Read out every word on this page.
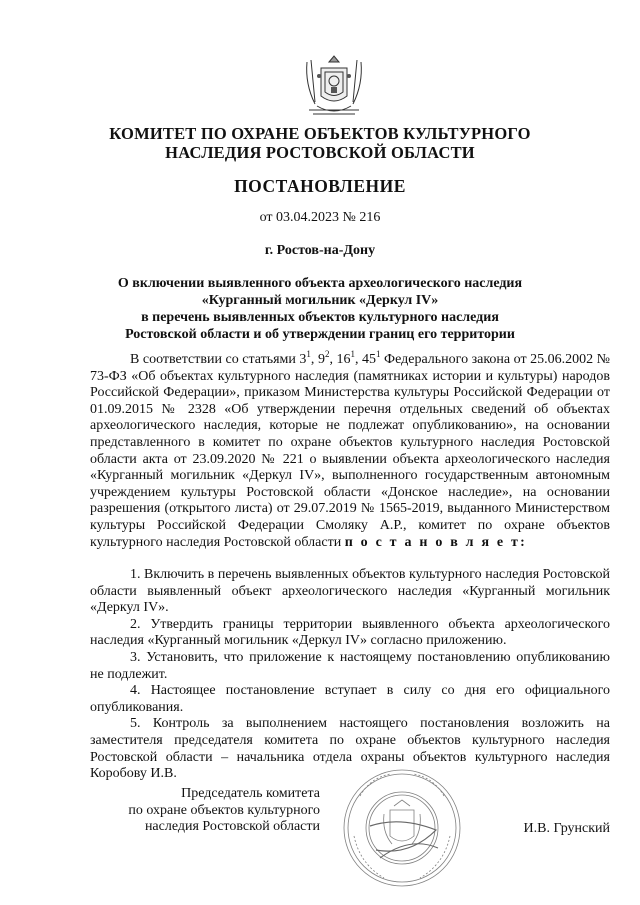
КОМИТЕТ ПО ОХРАНЕ ОБЪЕКТОВ КУЛЬТУРНОГО
НАСЛЕДИЯ РОСТОВСКОЙ ОБЛАСТИ
ПОСТАНОВЛЕНИЕ
от 03.04.2023 № 216
г. Ростов-на-Дону
О включении выявленного объекта археологического наследия
«Курганный могильник «Деркул IV»
в перечень выявленных объектов культурного наследия
Ростовской области и об утверждении границ его территории

В соответствии со статьями $3^1$, $9^2$, $16^1$, $45^1$ Федерального закона от 25.06.2002 № 73-ФЗ «Об объектах культурного наследия (памятниках истории и культуры) народов Российской Федерации», приказом Министерства культуры Российской Федерации от 01.09.2015 № 2328 «Об утверждении перечня отдельных сведений об объектах археологического наследия, которые не подлежат опубликованию», на основании представленного в комитет по охране объектов культурного наследия Ростовской области акта от 23.09.2020 № 221 о выявлении объекта археологического наследия «Курганный могильник «Деркул IV», выполненного государственным автономным учреждением культуры Ростовской области «Донское наследие», на основании разрешения (открытого листа) от 29.07.2019 № 1565-2019, выданного Министерством культуры Российской Федерации Смоляку А.Р., комитет по охране объектов культурного наследия Ростовской области п о с т а н о в л я е т:

1. Включить в перечень выявленных объектов культурного наследия Ростовской области выявленный объект археологического наследия «Курганный могильник «Деркул IV».

2. Утвердить границы территории выявленного объекта археологического наследия «Курганный могильник «Деркул IV» согласно приложению.

3. Установить, что приложение к настоящему постановлению опубликованию не подлежит.

4. Настоящее постановление вступает в силу со дня его официального опубликования.

5. Контроль за выполнением настоящего постановления возложить на заместителя председателя комитета по охране объектов культурного наследия Ростовской области – начальника отдела охраны объектов культурного наследия Коробову И.В.

Председатель комитета
по охране объектов культурного
наследия Ростовской области	И.В. Грунский
